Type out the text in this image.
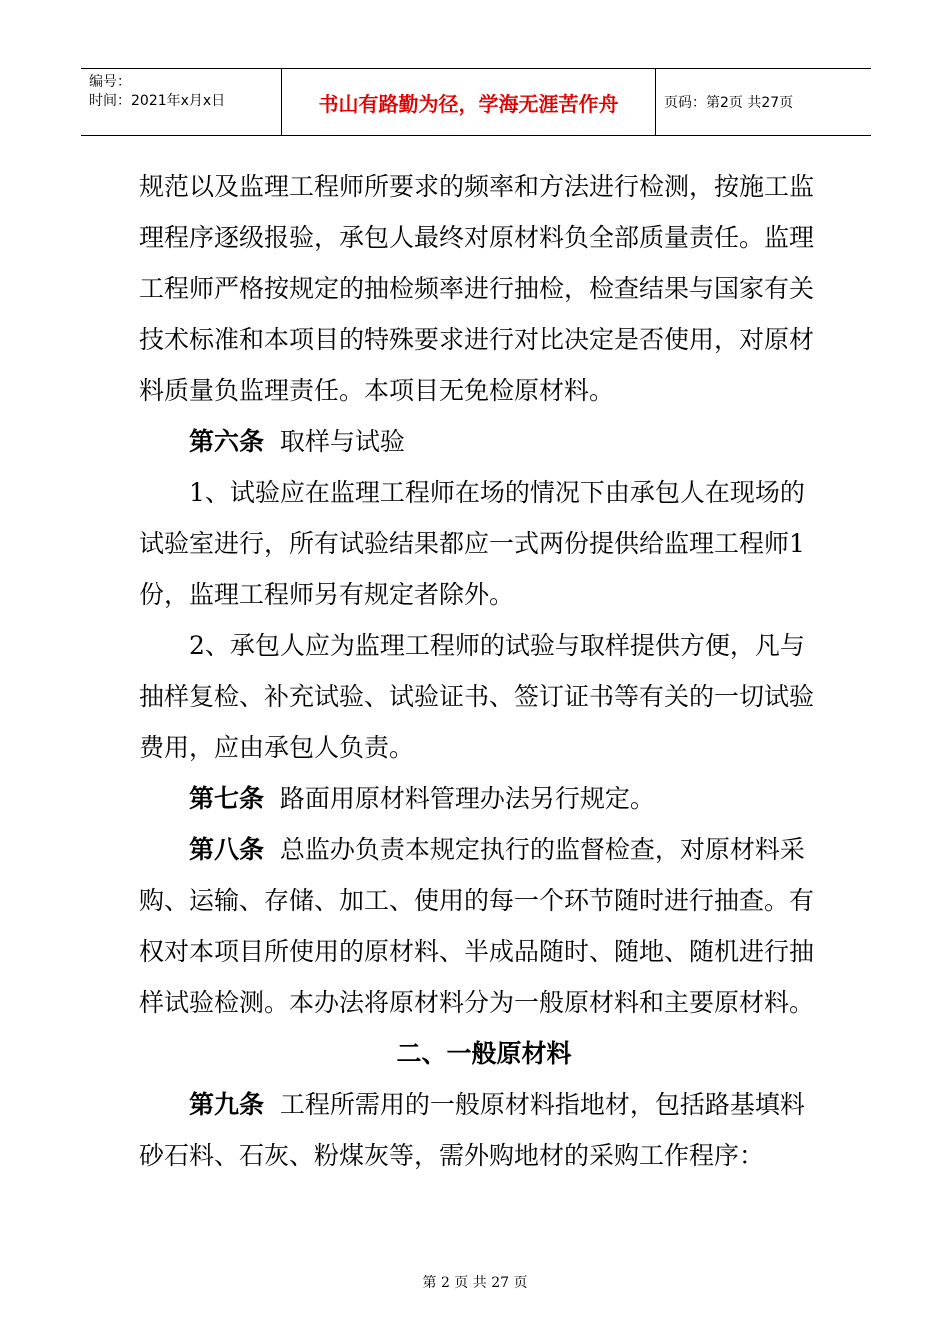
编号：
时间：2021年x月x日	书山有路勤为径，学海无涯苦作舟	页码：第2页 共27页

规范以及监理工程师所要求的频率和方法进行检测，按施工监理程序逐级报验，承包人最终对原材料负全部质量责任。监理工程师严格按规定的抽检频率进行抽检，检查结果与国家有关技术标准和本项目的特殊要求进行对比决定是否使用，对原材料质量负监理责任。本项目无免检原材料。

第六条 取样与试验

1、试验应在监理工程师在场的情况下由承包人在现场的试验室进行，所有试验结果都应一式两份提供给监理工程师1份，监理工程师另有规定者除外。

2、承包人应为监理工程师的试验与取样提供方便，凡与抽样复检、补充试验、试验证书、签订证书等有关的一切试验费用，应由承包人负责。

第七条 路面用原材料管理办法另行规定。

第八条 总监办负责本规定执行的监督检查，对原材料采购、运输、存储、加工、使用的每一个环节随时进行抽查。有权对本项目所使用的原材料、半成品随时、随地、随机进行抽样试验检测。本办法将原材料分为一般原材料和主要原材料。

二、一般原材料

第九条 工程所需用的一般原材料指地材，包括路基填料砂石料、石灰、粉煤灰等，需外购地材的采购工作程序：

第 2 页 共 27 页
